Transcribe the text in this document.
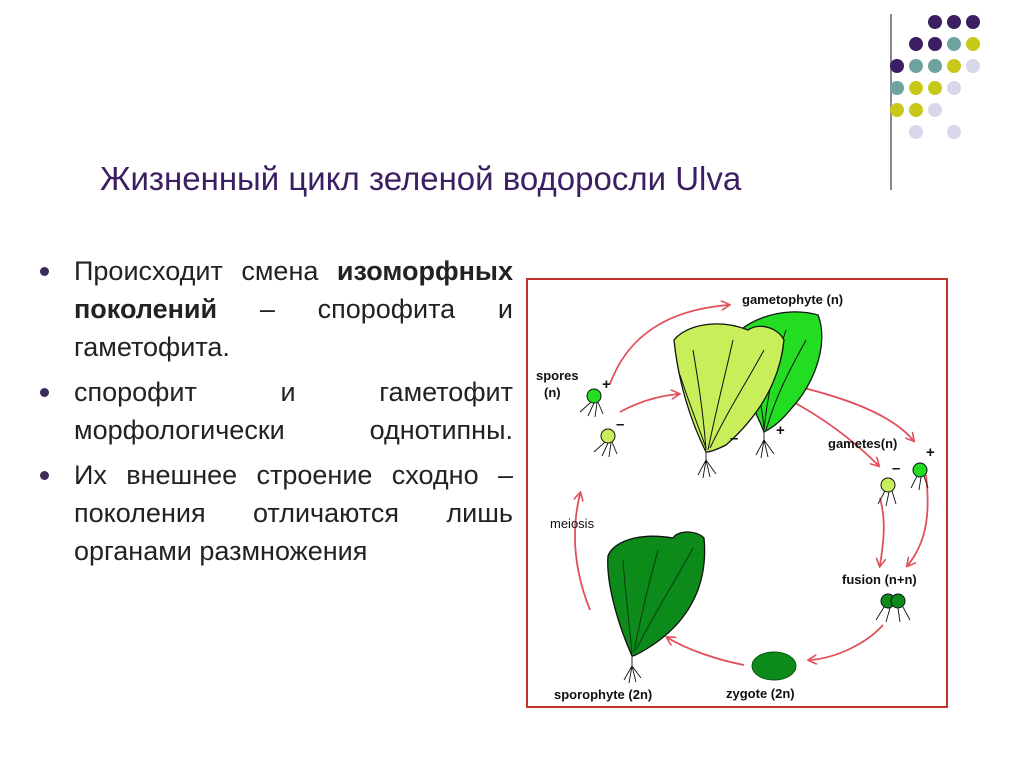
Жизненный цикл зеленой водоросли Ulva
Происходит смена изоморфных поколений – спорофита и гаметофита.
спорофит и гаметофит морфологически однотипны.
Их внешнее строение сходно – поколения отличаются лишь органами размножения
gametophyte (n)
spores
(n)
gametes(n)
fusion (n+n)
zygote (2n)
sporophyte (2n)
meiosis
+
–
–	+
–
+
